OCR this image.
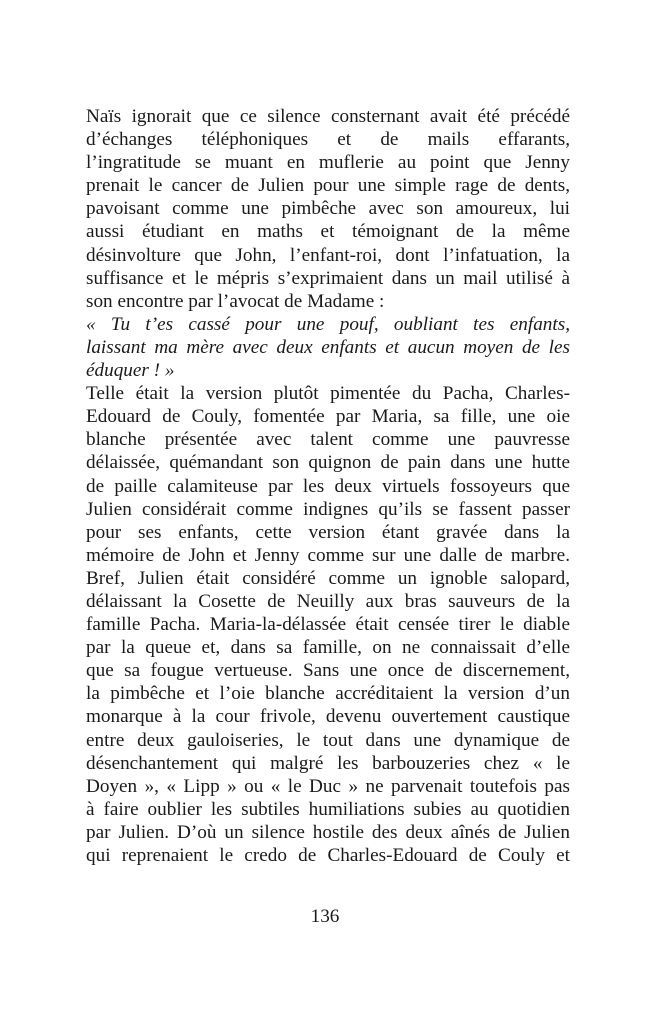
Naïs ignorait que ce silence consternant avait été précédé

d’échanges téléphoniques et de mails effarants,

l’ingratitude se muant en muflerie au point que Jenny

prenait le cancer de Julien pour une simple rage de dents,

pavoisant comme une pimbêche avec son amoureux, lui

aussi étudiant en maths et témoignant de la même

désinvolture que John, l’enfant-roi, dont l’infatuation, la

suffisance et le mépris s’exprimaient dans un mail utilisé à

son encontre par l’avocat de Madame :

« Tu t’es cassé pour une pouf, oubliant tes enfants,

laissant ma mère avec deux enfants et aucun moyen de les

éduquer ! »

Telle était la version plutôt pimentée du Pacha, Charles-

Edouard de Couly, fomentée par Maria, sa fille, une oie

blanche présentée avec talent comme une pauvresse

délaissée, quémandant son quignon de pain dans une hutte

de paille calamiteuse par les deux virtuels fossoyeurs que

Julien considérait comme indignes qu’ils se fassent passer

pour ses enfants, cette version étant gravée dans la

mémoire de John et Jenny comme sur une dalle de marbre.

Bref, Julien était considéré comme un ignoble salopard,

délaissant la Cosette de Neuilly aux bras sauveurs de la

famille Pacha. Maria-la-délassée était censée tirer le diable

par la queue et, dans sa famille, on ne connaissait d’elle

que sa fougue vertueuse. Sans une once de discernement,

la pimbêche et l’oie blanche accréditaient la version d’un

monarque à la cour frivole, devenu ouvertement caustique

entre deux gauloiseries, le tout dans une dynamique de

désenchantement qui malgré les barbouzeries chez « le

Doyen », « Lipp » ou « le Duc » ne parvenait toutefois pas

à faire oublier les subtiles humiliations subies au quotidien

par Julien. D’où un silence hostile des deux aînés de Julien

qui reprenaient le credo de Charles-Edouard de Couly et

136
